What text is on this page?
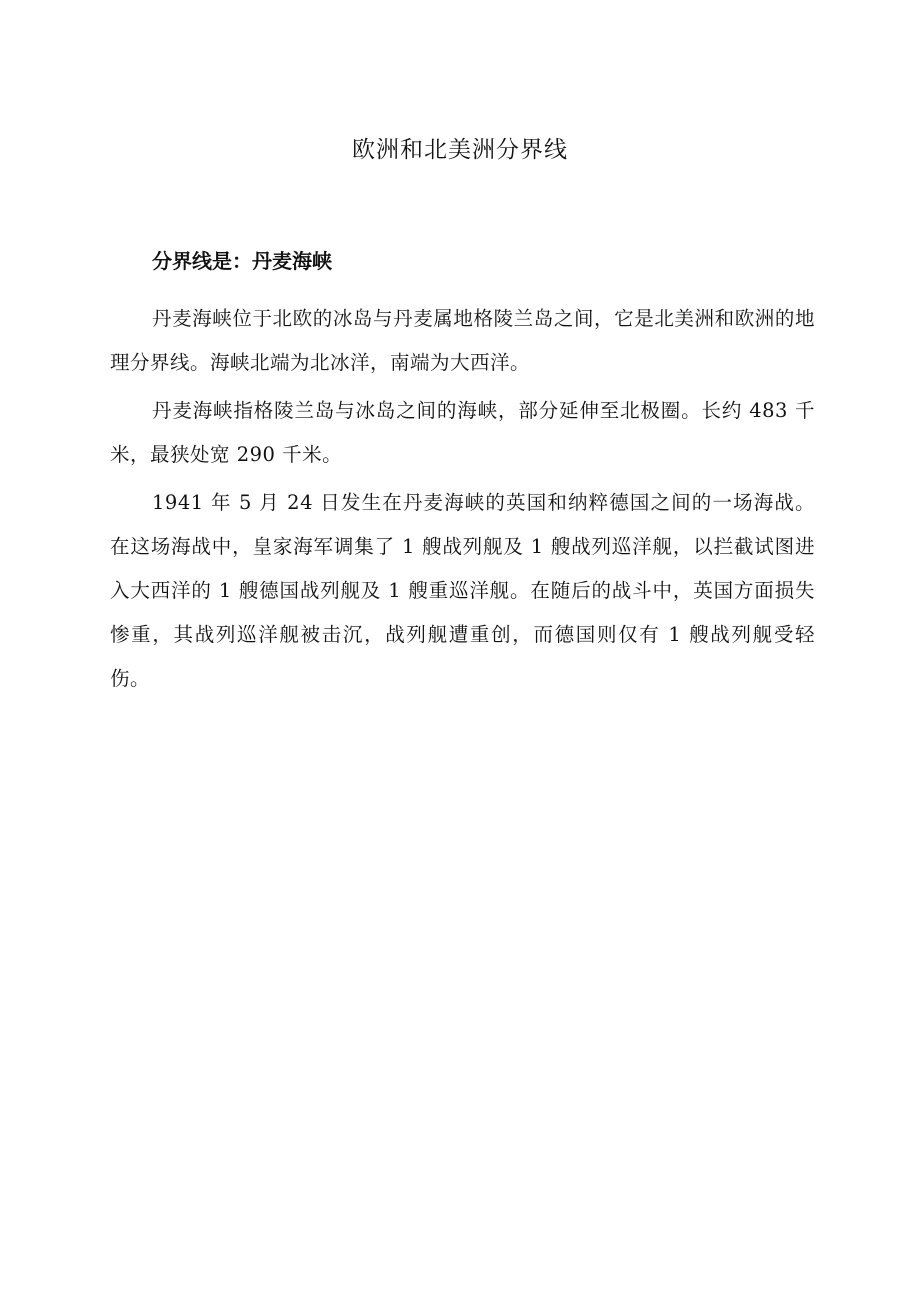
欧洲和北美洲分界线

分界线是：丹麦海峡

丹麦海峡位于北欧的冰岛与丹麦属地格陵兰岛之间，它是北美洲和欧洲的地理分界线。海峡北端为北冰洋，南端为大西洋。

丹麦海峡指格陵兰岛与冰岛之间的海峡，部分延伸至北极圈。长约 483 千米，最狭处宽 290 千米。

1941 年 5 月 24 日发生在丹麦海峡的英国和纳粹德国之间的一场海战。在这场海战中，皇家海军调集了 1 艘战列舰及 1 艘战列巡洋舰，以拦截试图进入大西洋的 1 艘德国战列舰及 1 艘重巡洋舰。在随后的战斗中，英国方面损失惨重，其战列巡洋舰被击沉，战列舰遭重创，而德国则仅有 1 艘战列舰受轻伤。
